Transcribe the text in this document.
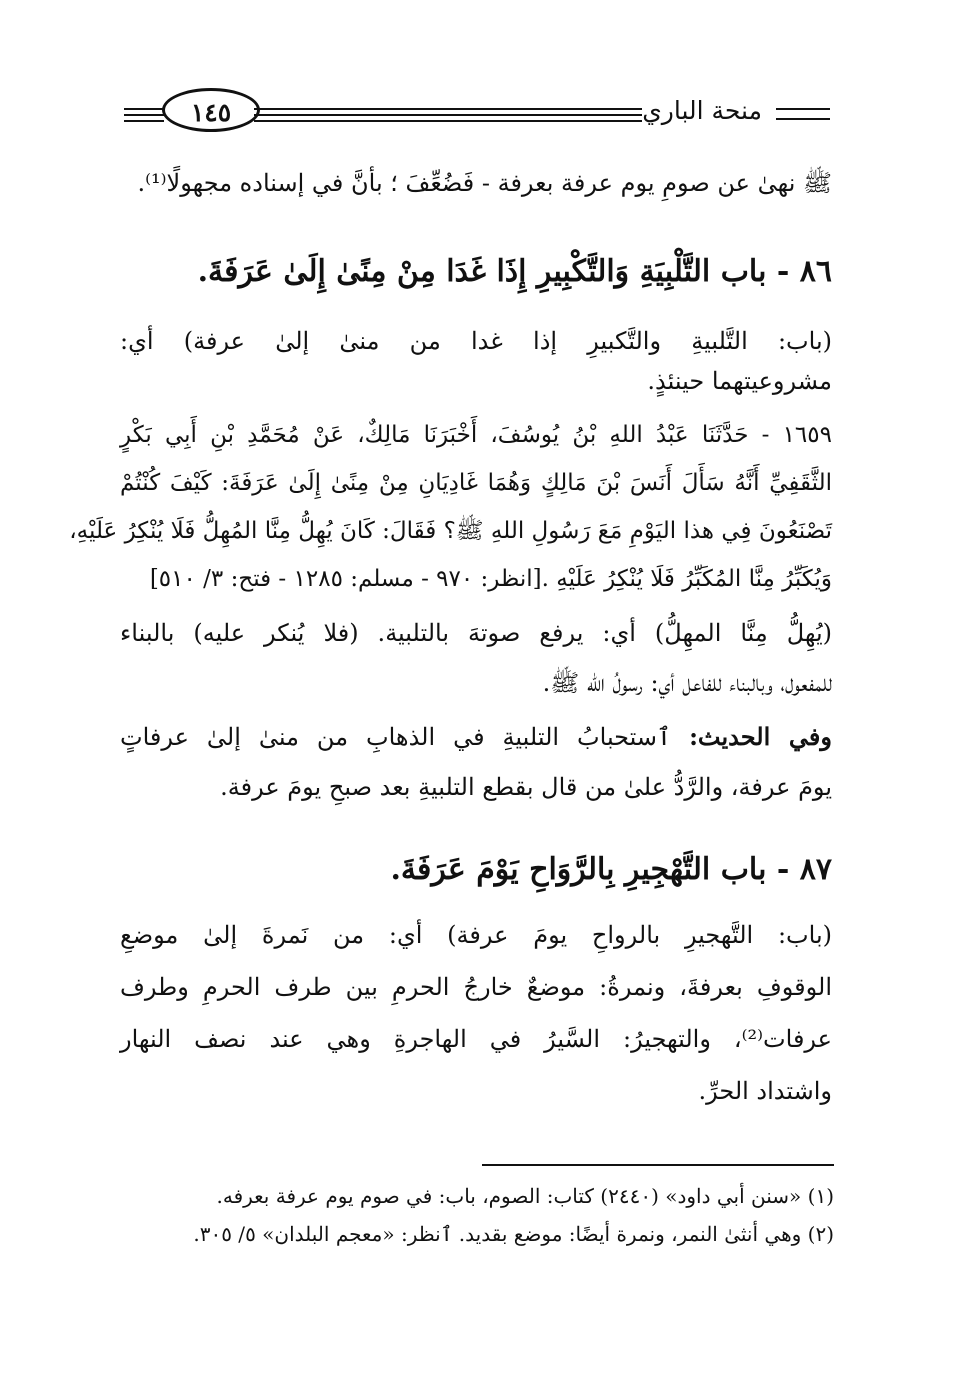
١٤٥	منحة الباري
ﷺ نهىٰ عن صومِ يوم عرفة بعرفة - فَضُعِّفَ ؛ بأنَّ في إسناده مجهولًا⁽¹⁾.
٨٦ - باب التَّلْبِيَةِ وَالتَّكْبِيرِ إِذَا غَدَا مِنْ مِنًىٰ إِلَىٰ عَرَفَةَ.
(باب: التَّلبيةِ والتَّكبيرِ إذا غدا من منىٰ إلىٰ عرفة) أي:
مشروعيتهما حينئذٍ.
١٦٥٩ - حَدَّثَنَا عَبْدُ اللهِ بْنُ يُوسُفَ، أَخْبَرَنَا مَالِكٌ، عَنْ مُحَمَّدِ بْنِ أَبِي بَكْرٍ
الثَّقَفِيِّ أَنَّهُ سَأَلَ أَنَسَ بْنَ مَالِكٍ وَهُمَا غَادِيَانِ مِنْ مِنًىٰ إِلَىٰ عَرَفَةَ: كَيْفَ كُنْتُمْ
تَصْنَعُونَ فِي هذا اليَوْمِ مَعَ رَسُولِ اللهِ ﷺ؟ فَقَالَ: كَانَ يُهِلُّ مِنَّا المُهِلُّ فَلَا يُنْكِرُ عَلَيْهِ،
وَيُكَبِّرُ مِنَّا المُكَبِّرُ فَلَا يُنْكِرُ عَلَيْهِ .[انظر: ٩٧٠ - مسلم: ١٢٨٥ - فتح: ٣/ ٥١٠]
(يُهِلُّ مِنَّا المهِلُّ) أي: يرفع صوتهَ بالتلبية. (فلا يُنكر عليه) بالبناء
للمفعول، وبالبناء للفاعل أي: رسولُ الله ﷺ.
وفي الحديث: ٱستحبابُ التلبيةِ في الذهابِ من منىٰ إلىٰ عرفاتٍ
يومَ عرفة، والرَّدُّ علىٰ من قال بقطع التلبيةِ بعد صبحِ يومَ عرفة.
٨٧ - باب التَّهْجِيرِ بِالرَّوَاحِ يَوْمَ عَرَفَةَ.
(باب: التَّهجيرِ بالرواحِ يومَ عرفة) أي: من نَمرةَ إلىٰ موضعِ
الوقوفِ بعرفةَ، ونمرةُ: موضعٌ خارجُ الحرمِ بين طرف الحرمِ وطرف
عرفات⁽²⁾، والتهجيرُ: السَّيرُ في الهاجرةِ وهي عند نصف النهار
واشتداد الحرِّ.
(١) «سنن أبي داود» (٢٤٤٠) كتاب: الصوم، باب: في صوم يوم عرفة بعرفه.
(٢) وهي أنثىٰ النمر، ونمرة أيضًا: موضع بقديد. ٱنظر: «معجم البلدان» ٥/ ٣٠٥.
